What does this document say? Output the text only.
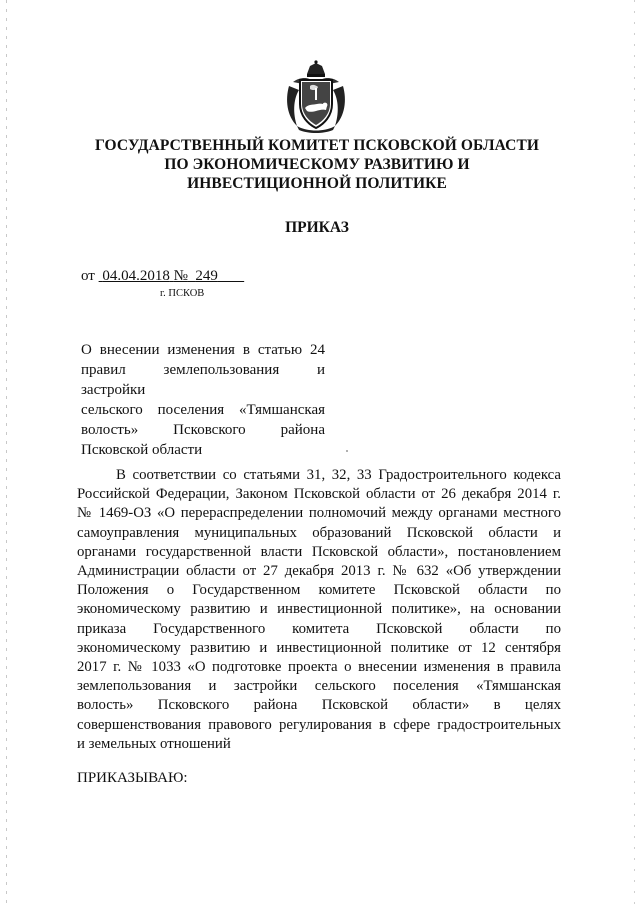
ГОСУДАРСТВЕННЫЙ КОМИТЕТ ПСКОВСКОЙ ОБЛАСТИ
ПО ЭКОНОМИЧЕСКОМУ РАЗВИТИЮ И
ИНВЕСТИЦИОННОЙ ПОЛИТИКЕ
ПРИКАЗ
от 04.04.2018 № 249
г. ПСКОВ
О внесении изменения в статью 24
правил землепользования и застройки
сельского поселения «Тямшанская
волость» Псковского района
Псковской области
В соответствии со статьями 31, 32, 33 Градостроительного кодекса
Российской Федерации, Законом Псковской области от 26 декабря 2014 г.
№ 1469-ОЗ «О перераспределении полномочий между органами местного
самоуправления муниципальных образований Псковской области и
органами государственной власти Псковской области», постановлением
Администрации области от 27 декабря 2013 г. № 632 «Об утверждении
Положения о Государственном комитете Псковской области по
экономическому развитию и инвестиционной политике», на основании
приказа Государственного комитета Псковской области по
экономическому развитию и инвестиционной политике от 12 сентября
2017 г. № 1033 «О подготовке проекта о внесении изменения в правила
землепользования и застройки сельского поселения «Тямшанская
волость» Псковского района Псковской области» в целях
совершенствования правового регулирования в сфере градостроительных
и земельных отношений
ПРИКАЗЫВАЮ:
